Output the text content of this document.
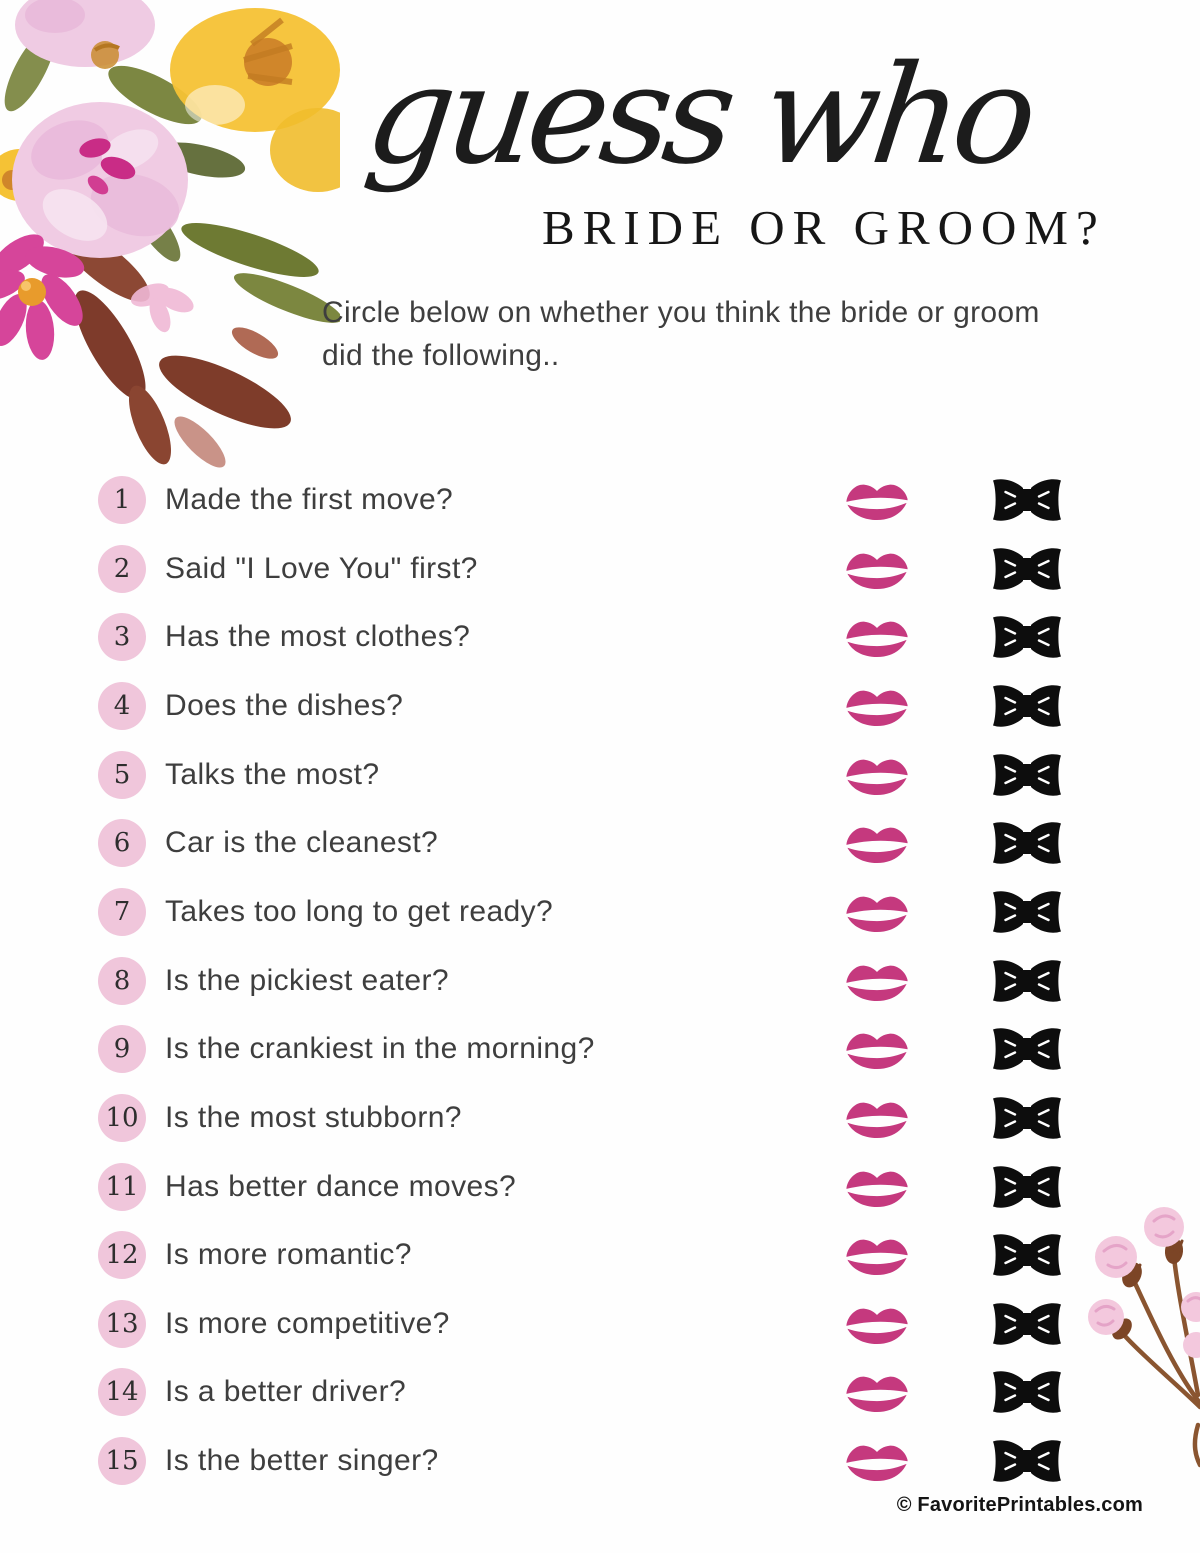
guess who
BRIDE OR GROOM?
Circle below on whether you think the bride or groom did the following..
1 Made the first move?
2 Said "I Love You" first?
3 Has the most clothes?
4 Does the dishes?
5 Talks the most?
6 Car is the cleanest?
7 Takes too long to get ready?
8 Is the pickiest eater?
9 Is the crankiest in the morning?
10 Is the most stubborn?
11 Has better dance moves?
12 Is more romantic?
13 Is more competitive?
14 Is a better driver?
15 Is the better singer?
© FavoritePrintables.com
